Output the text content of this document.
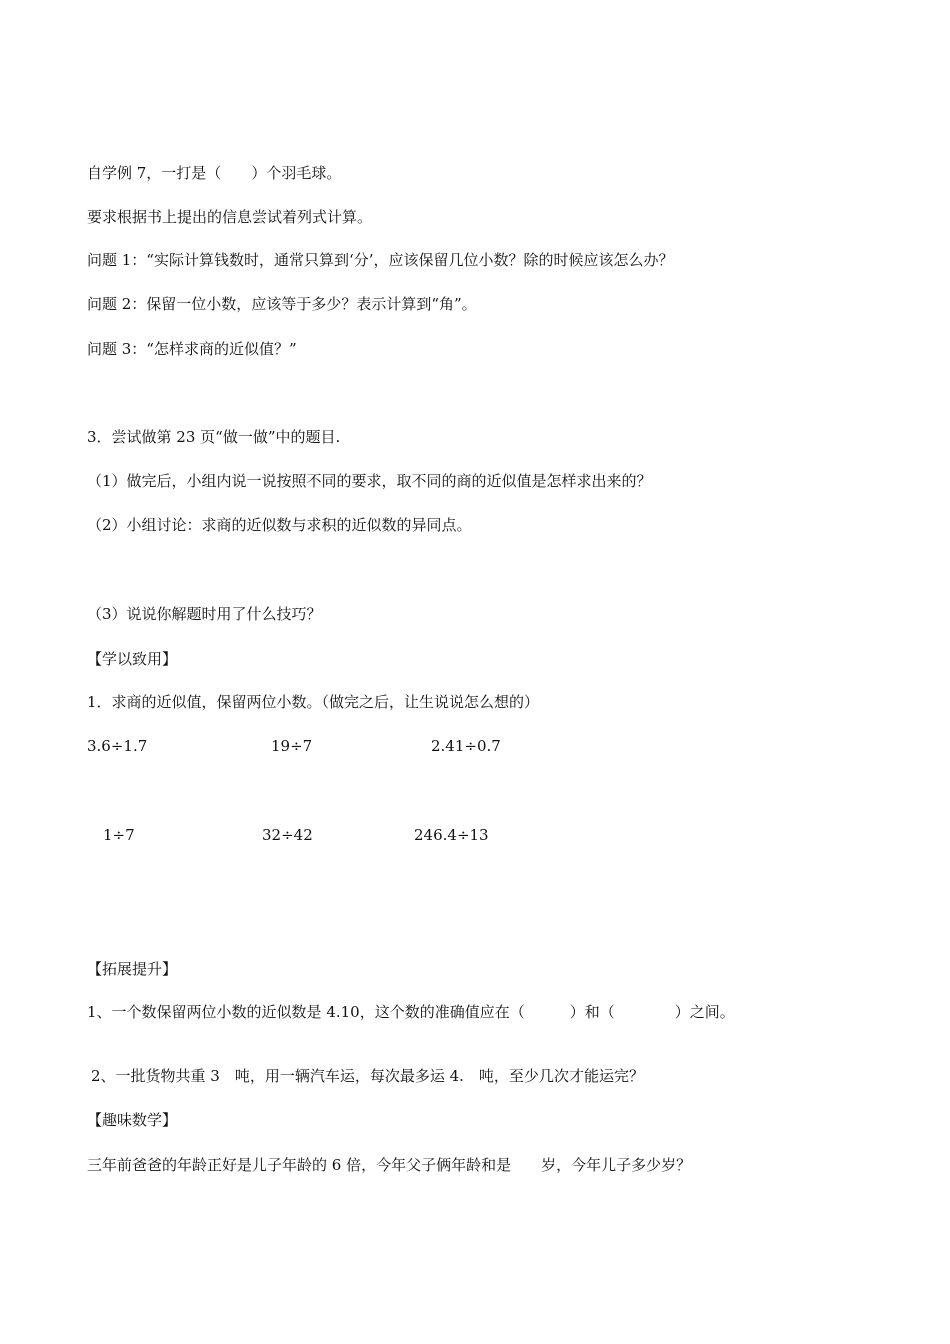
自学例 7，一打是（　　）个羽毛球。
要求根据书上提出的信息尝试着列式计算。
问题 1：“实际计算钱数时，通常只算到‘分’，应该保留几位小数？除的时候应该怎么办？
问题 2：保留一位小数，应该等于多少？表示计算到“角”。
问题 3：“怎样求商的近似值？”
3．尝试做第 23 页“做一做”中的题目.
（1）做完后，小组内说一说按照不同的要求，取不同的商的近似值是怎样求出来的？
（2）小组讨论：求商的近似数与求积的近似数的异同点。
（3）说说你解题时用了什么技巧？
【学以致用】
1．求商的近似值，保留两位小数。（做完之后，让生说说怎么想的）
3.6÷1.7	19÷7	2.41÷0.7
1÷7	32÷42	246.4÷13
【拓展提升】
1、一个数保留两位小数的近似数是 4.10，这个数的准确值应在（　　　）和（　　　　）之间。
2、一批货物共重 3　吨，用一辆汽车运，每次最多运 4.　吨，至少几次才能运完？
【趣味数学】
三年前爸爸的年龄正好是儿子年龄的 6 倍，今年父子俩年龄和是　　岁，今年儿子多少岁？
